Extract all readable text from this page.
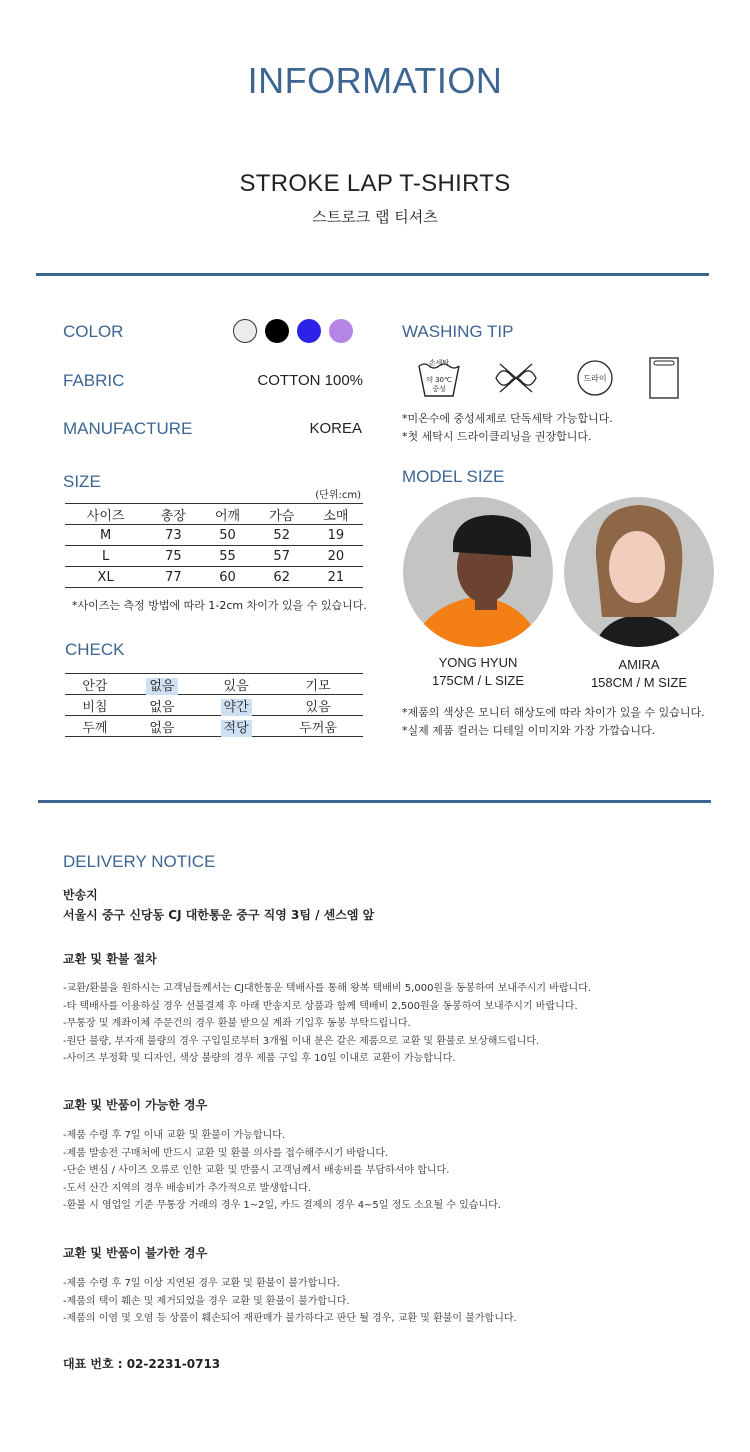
INFORMATION
STROKE LAP T-SHIRTS
스트로크 랩 티셔츠
COLOR
FABRIC	COTTON 100%
MANUFACTURE	KOREA
SIZE
(단위:cm)
사이즈	총장	어깨	가슴	소매
M	73	50	52	19
L	75	55	57	20
XL	77	60	62	21
*사이즈는 측정 방법에 따라 1-2cm 차이가 있을 수 있습니다.
CHECK
안감	없음	있음	기모
비침	없음	약간	있음
두께	없음	적당	두꺼움
WASHING TIP
손세탁
약 30℃
중성
드라이
*미온수에 중성세제로 단독세탁 가능합니다.
*첫 세탁시 드라이클리닝을 권장합니다.
MODEL SIZE
YONG HYUN
175CM / L SIZE
AMIRA
158CM / M SIZE
*제품의 색상은 모니터 해상도에 따라 차이가 있을 수 있습니다.
*실제 제품 컬러는 디테일 이미지와 가장 가깝습니다.
DELIVERY NOTICE
반송지
서울시 중구 신당동 CJ 대한통운 중구 직영 3팀 / 센스엠 앞
교환 및 환불 절차
-교환/환불을 원하시는 고객님들께서는 CJ대한통운 택배사를 통해 왕복 택배비 5,000원을 동봉하여 보내주시기 바랍니다.
-타 택배사를 이용하실 경우 선불결제 후 아래 반송지로 상품과 함께 택배비 2,500원을 동봉하여 보내주시기 바랍니다.
-무통장 및 계좌이체 주문건의 경우 환불 받으실 계좌 기입후 동봉 부탁드립니다.
-원단 불량, 부자재 불량의 경우 구입일로부터 3개월 이내 분은 같은 제품으로 교환 및 환불로 보상해드립니다.
-사이즈 부정확 및 디자인, 색상 불량의 경우 제품 구입 후 10일 이내로 교환이 가능합니다.
교환 및 반품이 가능한 경우
-제품 수령 후 7일 이내 교환 및 환불이 가능합니다.
-제품 발송전 구매처에 반드시 교환 및 환불 의사를 접수해주시기 바랍니다.
-단순 변심 / 사이즈 오류로 인한 교환 및 반품시 고객님께서 배송비를 부담하셔야 합니다.
-도서 산간 지역의 경우 배송비가 추가적으로 발생합니다.
-환불 시 영업일 기준 무통장 거래의 경우 1~2일, 카드 결제의 경우 4~5일 정도 소요될 수 있습니다.
교환 및 반품이 불가한 경우
-제품 수령 후 7일 이상 지연된 경우 교환 및 환불이 불가합니다.
-제품의 택이 훼손 및 제거되었을 경우 교환 및 환불이 불가합니다.
-제품의 이염 및 오염 등 상품이 훼손되어 재판매가 불가하다고 판단 될 경우, 교환 및 환불이 불가합니다.
대표 번호 : 02-2231-0713
